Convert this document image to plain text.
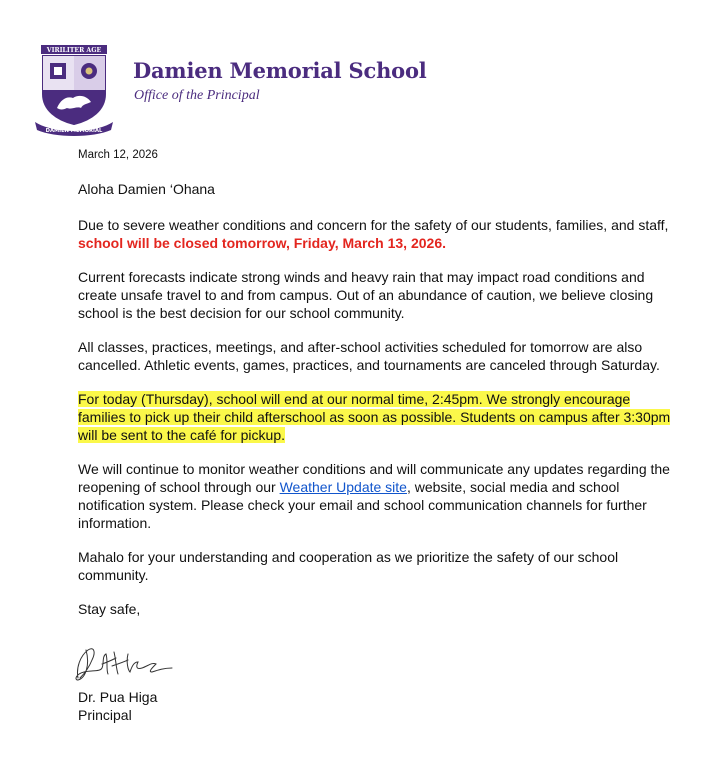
VIRILITER AGE
DAMIEN MEMORIAL
Damien Memorial School
Office of the Principal
March 12, 2026

Aloha Damien ‘Ohana

Due to severe weather conditions and concern for the safety of our students, families, and staff, school will be closed tomorrow, Friday, March 13, 2026.

Current forecasts indicate strong winds and heavy rain that may impact road conditions and create unsafe travel to and from campus. Out of an abundance of caution, we believe closing school is the best decision for our school community.

All classes, practices, meetings, and after-school activities scheduled for tomorrow are also cancelled. Athletic events, games, practices, and tournaments are canceled through Saturday.

For today (Thursday), school will end at our normal time, 2:45pm. We strongly encourage families to pick up their child afterschool as soon as possible. Students on campus after 3:30pm will be sent to the café for pickup.

We will continue to monitor weather conditions and will communicate any updates regarding the reopening of school through our Weather Update site, website, social media and school notification system. Please check your email and school communication channels for further information.

Mahalo for your understanding and cooperation as we prioritize the safety of our school community.

Stay safe,

Dr. Pua Higa
Principal
